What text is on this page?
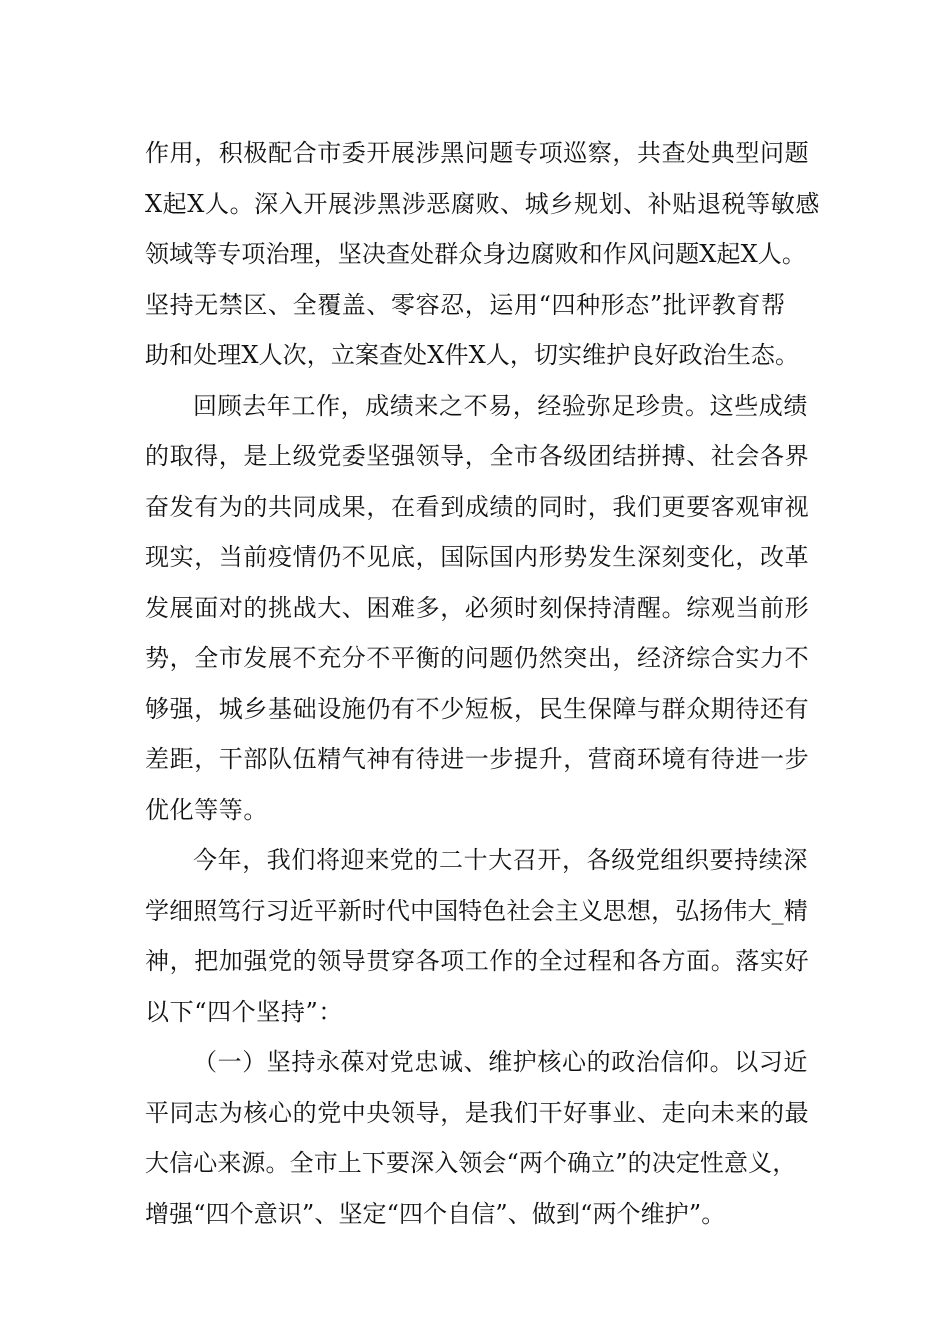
作用，积极配合市委开展涉黑问题专项巡察，共查处典型问题
X起X人。深入开展涉黑涉恶腐败、城乡规划、补贴退税等敏感
领域等专项治理，坚决查处群众身边腐败和作风问题X起X人。
坚持无禁区、全覆盖、零容忍，运用“四种形态”批评教育帮
助和处理X人次，立案查处X件X人，切实维护良好政治生态。
回顾去年工作，成绩来之不易，经验弥足珍贵。这些成绩
的取得，是上级党委坚强领导，全市各级团结拼搏、社会各界
奋发有为的共同成果，在看到成绩的同时，我们更要客观审视
现实，当前疫情仍不见底，国际国内形势发生深刻变化，改革
发展面对的挑战大、困难多，必须时刻保持清醒。综观当前形
势，全市发展不充分不平衡的问题仍然突出，经济综合实力不
够强，城乡基础设施仍有不少短板，民生保障与群众期待还有
差距，干部队伍精气神有待进一步提升，营商环境有待进一步
优化等等。
今年，我们将迎来党的二十大召开，各级党组织要持续深
学细照笃行习近平新时代中国特色社会主义思想，弘扬伟大_精
神，把加强党的领导贯穿各项工作的全过程和各方面。落实好
以下“四个坚持”：
（一）坚持永葆对党忠诚、维护核心的政治信仰。以习近
平同志为核心的党中央领导，是我们干好事业、走向未来的最
大信心来源。全市上下要深入领会“两个确立”的决定性意义，
增强“四个意识”、坚定“四个自信”、做到“两个维护”。
